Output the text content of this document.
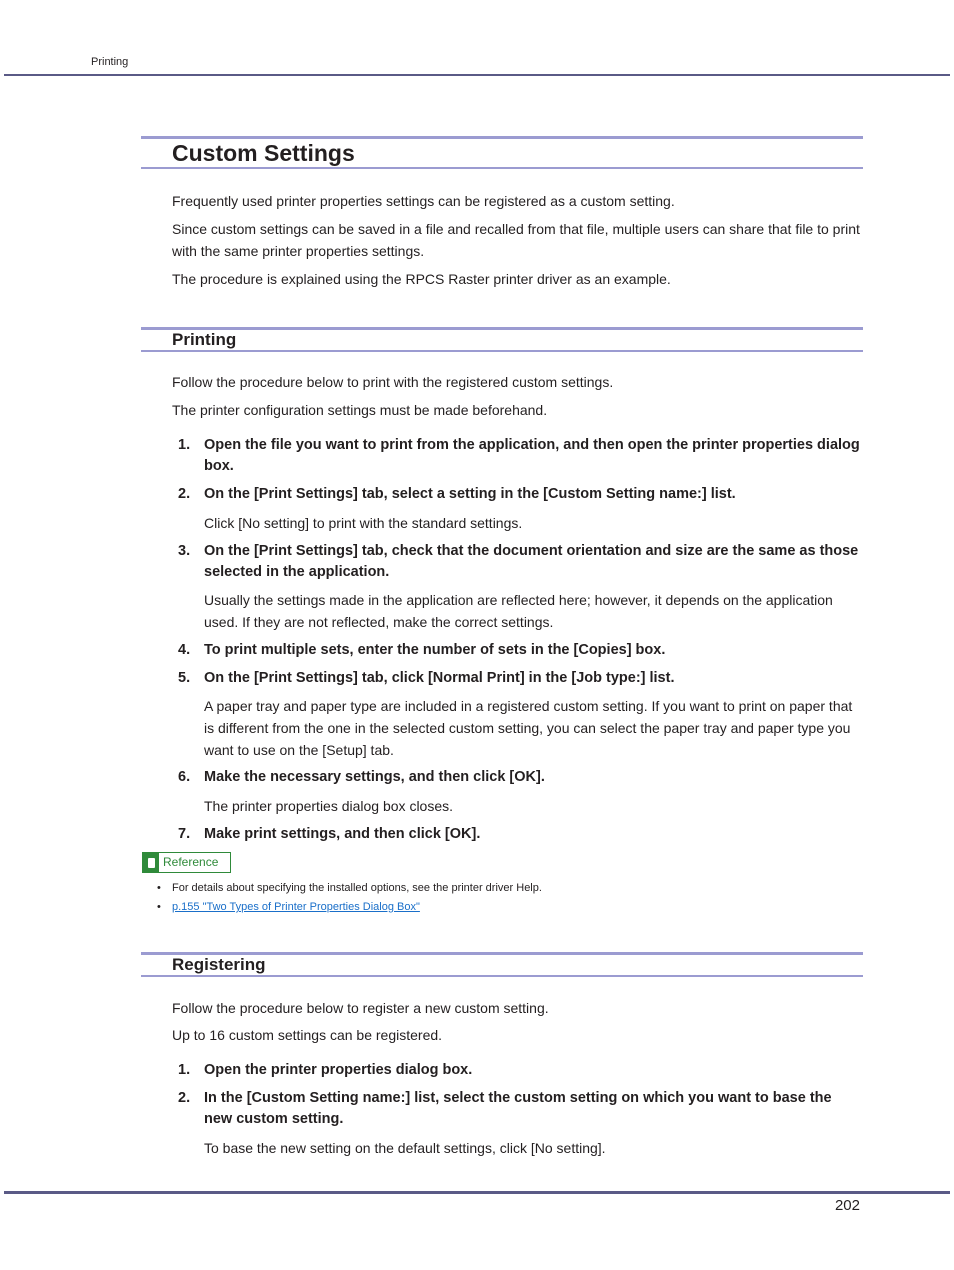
Printing
Custom Settings

Frequently used printer properties settings can be registered as a custom setting.

Since custom settings can be saved in a file and recalled from that file, multiple users can share that file to print with the same printer properties settings.

The procedure is explained using the RPCS Raster printer driver as an example.

Printing

Follow the procedure below to print with the registered custom settings.

The printer configuration settings must be made beforehand.

1. Open the file you want to print from the application, and then open the printer properties dialog box.
2. On the [Print Settings] tab, select a setting in the [Custom Setting name:] list.
Click [No setting] to print with the standard settings.
3. On the [Print Settings] tab, check that the document orientation and size are the same as those selected in the application.
Usually the settings made in the application are reflected here; however, it depends on the application used. If they are not reflected, make the correct settings.
4. To print multiple sets, enter the number of sets in the [Copies] box.
5. On the [Print Settings] tab, click [Normal Print] in the [Job type:] list.
A paper tray and paper type are included in a registered custom setting. If you want to print on paper that is different from the one in the selected custom setting, you can select the paper tray and paper type you want to use on the [Setup] tab.
6. Make the necessary settings, and then click [OK].
The printer properties dialog box closes.
7. Make print settings, and then click [OK].
Reference
• For details about specifying the installed options, see the printer driver Help.
• p.155 "Two Types of Printer Properties Dialog Box"
Registering

Follow the procedure below to register a new custom setting.

Up to 16 custom settings can be registered.

1. Open the printer properties dialog box.
2. In the [Custom Setting name:] list, select the custom setting on which you want to base the new custom setting.
To base the new setting on the default settings, click [No setting].
202
